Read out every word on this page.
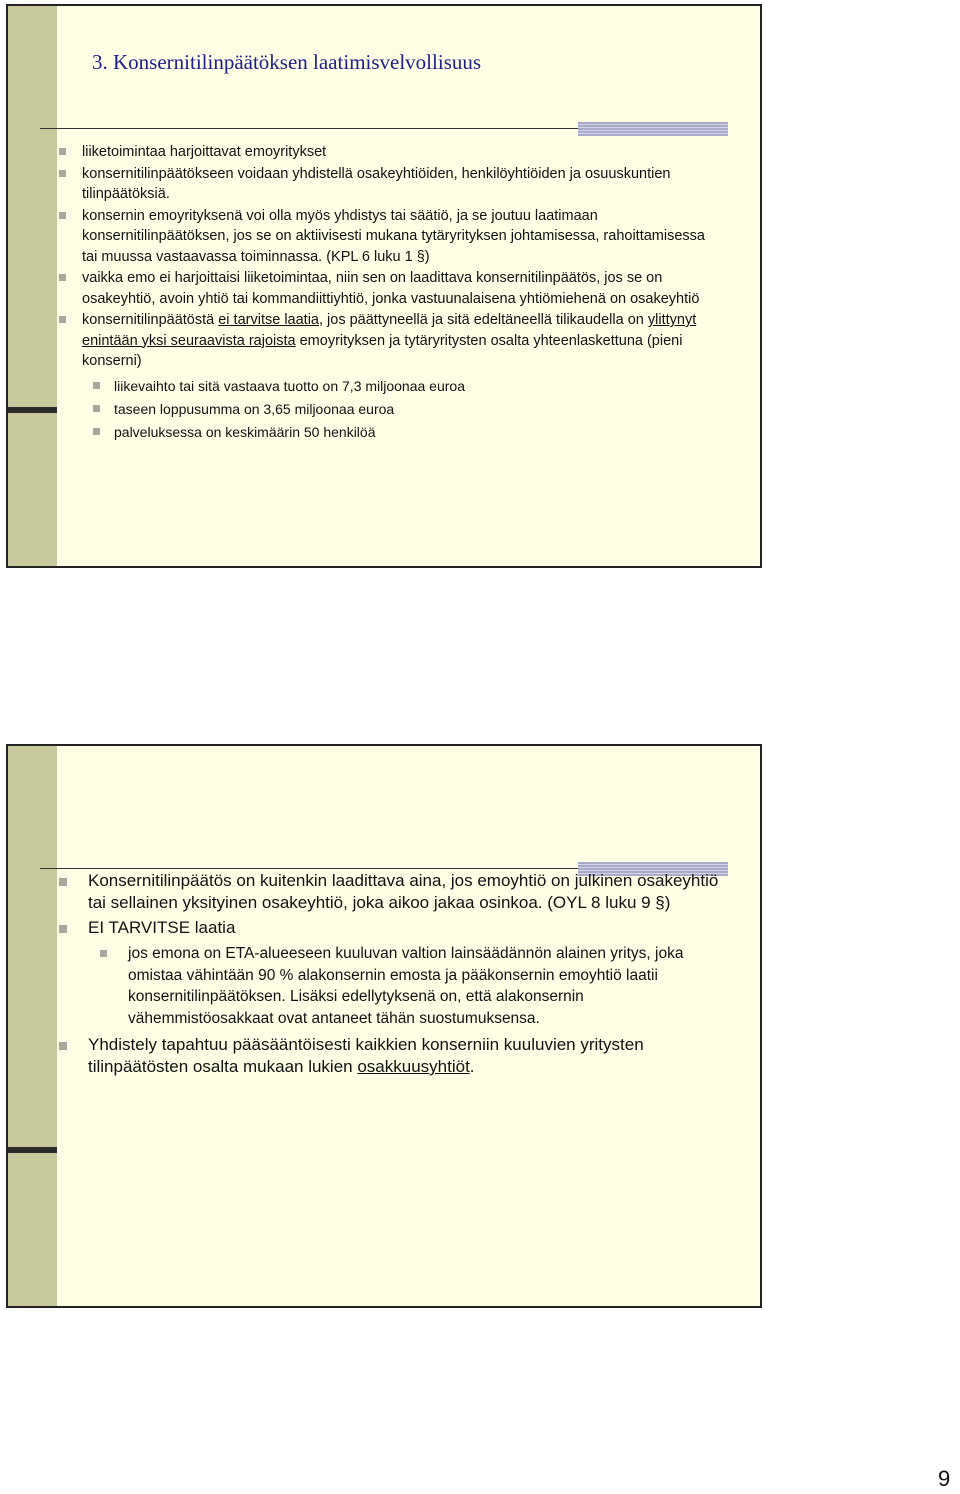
3. Konsernitilinpäätöksen laatimisvelvollisuus
liiketoimintaa harjoittavat emoyritykset
konsernitilinpäätökseen voidaan yhdistellä osakeyhtiöiden, henkilöyhtiöiden ja osuuskuntien tilinpäätöksiä.
konsernin emoyrityksenä voi olla myös yhdistys tai säätiö, ja se joutuu laatimaan konsernitilinpäätöksen, jos se on aktiivisesti mukana tytäryrityksen johtamisessa, rahoittamisessa tai muussa vastaavassa toiminnassa. (KPL 6 luku 1 §)
vaikka emo ei harjoittaisi liiketoimintaa, niin sen on laadittava konsernitilinpäätös, jos se on osakeyhtiö, avoin yhtiö tai kommandiittiyhtiö, jonka vastuunalaisena yhtiömiehenä on osakeyhtiö
konsernitilinpäätöstä ei tarvitse laatia, jos päättyneellä ja sitä edeltäneellä tilikaudella on ylittynyt enintään yksi seuraavista rajoista emoyrityksen ja tytäryritysten osalta yhteenlaskettuna (pieni konserni)
liikevaihto tai sitä vastaava tuotto on 7,3 miljoonaa euroa
taseen loppusumma on 3,65 miljoonaa euroa
palveluksessa on keskimäärin 50 henkilöä
Konsernitilinpäätös on kuitenkin laadittava aina, jos emoyhtiö on julkinen osakeyhtiö tai sellainen yksityinen osakeyhtiö, joka aikoo jakaa osinkoa. (OYL 8 luku 9 §)
EI TARVITSE laatia
jos emona on ETA-alueeseen kuuluvan valtion lainsäädännön alainen yritys, joka omistaa vähintään 90 % alakonsernin emosta ja pääkonsernin emoyhtiö laatii konsernitilinpäätöksen. Lisäksi edellytyksenä on, että alakonsernin vähemmistöosakkaat ovat antaneet tähän suostumuksensa.
Yhdistely tapahtuu pääsääntöisesti kaikkien konserniin kuuluvien yritysten tilinpäätösten osalta mukaan lukien osakkuusyhtiöt.
9
